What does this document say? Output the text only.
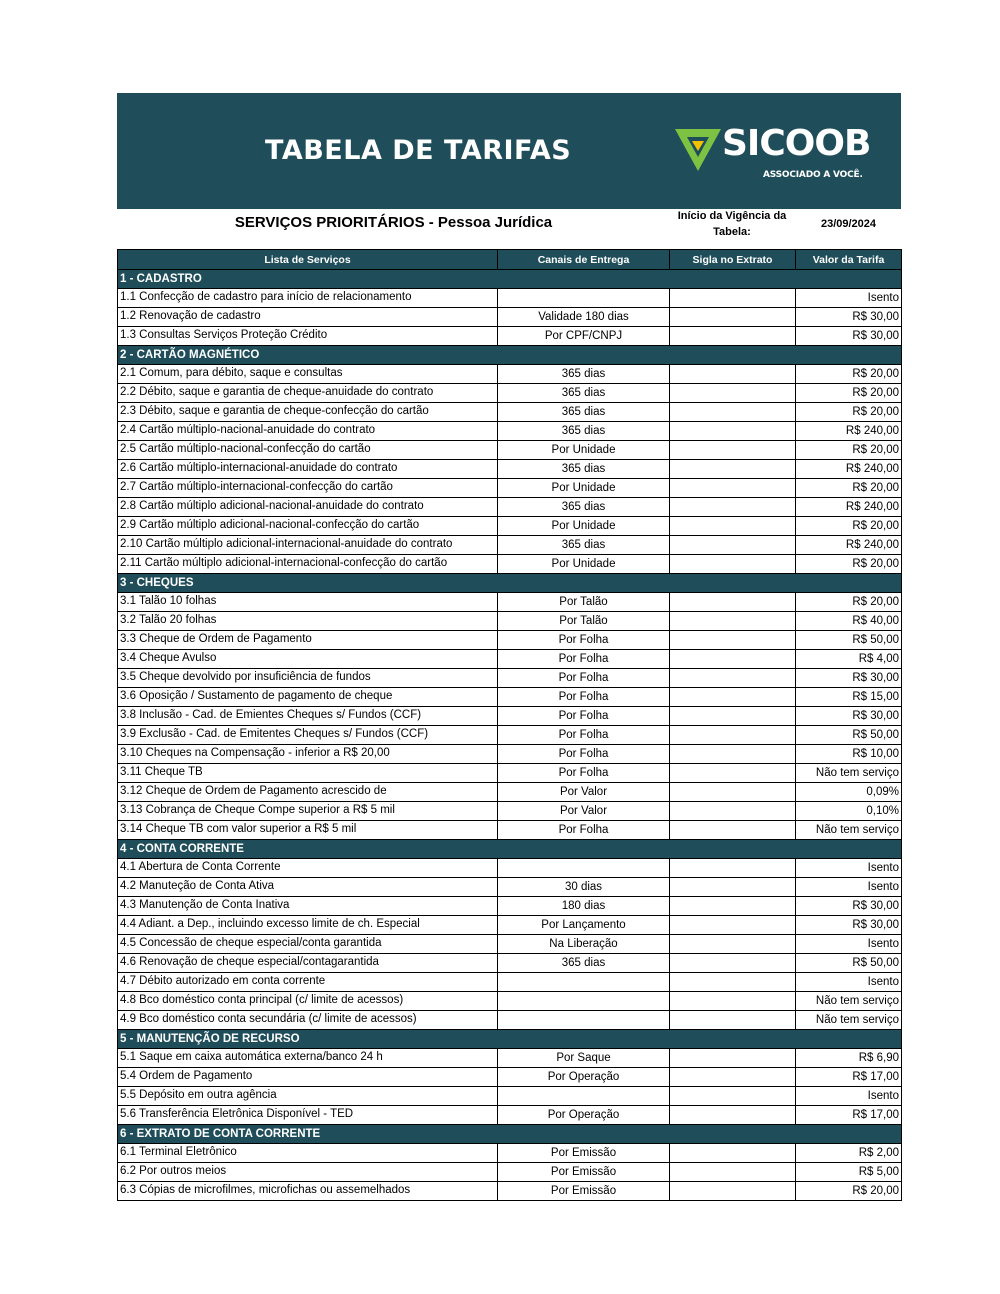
TABELA DE TARIFAS	SICOOB
ASSOCIADO A VOCÊ.
SERVIÇOS PRIORITÁRIOS - Pessoa Jurídica	Início da Vigência da Tabela:
23/09/2024
Lista de Serviços	Canais de Entrega	Sigla no Extrato	Valor da Tarifa
1 - CADASTRO			
1.1 Confecção de cadastro para início de relacionamento			Isento
1.2 Renovação de cadastro	Validade 180 dias		R$ 30,00
1.3 Consultas Serviços Proteção Crédito	Por CPF/CNPJ		R$ 30,00
2 - CARTÃO MAGNÉTICO			
2.1 Comum, para débito, saque e consultas	365 dias		R$ 20,00
2.2 Débito, saque e garantia de cheque-anuidade do contrato	365 dias		R$ 20,00
2.3 Débito, saque e garantia de cheque-confecção do cartão	365 dias		R$ 20,00
2.4 Cartão múltiplo-nacional-anuidade do contrato	365 dias		R$ 240,00
2.5 Cartão múltiplo-nacional-confecção do cartão	Por Unidade		R$ 20,00
2.6 Cartão múltiplo-internacional-anuidade do contrato	365 dias		R$ 240,00
2.7 Cartão múltiplo-internacional-confecção do cartão	Por Unidade		R$ 20,00
2.8 Cartão múltiplo adicional-nacional-anuidade do contrato	365 dias		R$ 240,00
2.9 Cartão múltiplo adicional-nacional-confecção do cartão	Por Unidade		R$ 20,00
2.10 Cartão múltiplo adicional-internacional-anuidade do contrato	365 dias		R$ 240,00
2.11 Cartão múltiplo adicional-internacional-confecção do cartão	Por Unidade		R$ 20,00
3 - CHEQUES			
3.1 Talão 10 folhas	Por Talão		R$ 20,00
3.2 Talão 20 folhas	Por Talão		R$ 40,00
3.3 Cheque de Ordem de Pagamento	Por Folha		R$ 50,00
3.4 Cheque Avulso	Por Folha		R$ 4,00
3.5 Cheque devolvido por insuficiência de fundos	Por Folha		R$ 30,00
3.6 Oposição / Sustamento de pagamento de cheque	Por Folha		R$ 15,00
3.8 Inclusão - Cad. de Emientes Cheques s/ Fundos (CCF)	Por Folha		R$ 30,00
3.9 Exclusão - Cad. de Emitentes Cheques s/ Fundos (CCF)	Por Folha		R$ 50,00
3.10 Cheques na Compensação - inferior a R$ 20,00	Por Folha		R$ 10,00
3.11 Cheque TB	Por Folha		Não tem serviço
3.12 Cheque de Ordem de Pagamento acrescido de	Por Valor		0,09%
3.13 Cobrança de Cheque Compe superior a R$ 5 mil	Por Valor		0,10%
3.14 Cheque TB com valor superior a R$ 5 mil	Por Folha		Não tem serviço
4 - CONTA CORRENTE			
4.1 Abertura de Conta Corrente			Isento
4.2 Manuteção de Conta Ativa	30 dias		Isento
4.3 Manutenção de Conta Inativa	180 dias		R$ 30,00
4.4 Adiant. a Dep., incluindo excesso limite de ch. Especial	Por Lançamento		R$ 30,00
4.5 Concessão de cheque especial/conta garantida	Na Liberação		Isento
4.6 Renovação de cheque especial/contagarantida	365 dias		R$ 50,00
4.7 Débito autorizado em conta corrente			Isento
4.8 Bco doméstico conta principal (c/ limite de acessos)			Não tem serviço
4.9 Bco doméstico conta secundária (c/ limite de acessos)			Não tem serviço
5 - MANUTENÇÃO DE RECURSO			
5.1 Saque em caixa automática externa/banco 24 h	Por Saque		R$ 6,90
5.4 Ordem de Pagamento	Por Operação		R$ 17,00
5.5 Depósito em outra agência			Isento
5.6 Transferência Eletrônica Disponível - TED	Por Operação		R$ 17,00
6 - EXTRATO DE CONTA CORRENTE			
6.1 Terminal Eletrônico	Por Emissão		R$ 2,00
6.2 Por outros meios	Por Emissão		R$ 5,00
6.3 Cópias de microfilmes, microfichas ou assemelhados	Por Emissão		R$ 20,00
